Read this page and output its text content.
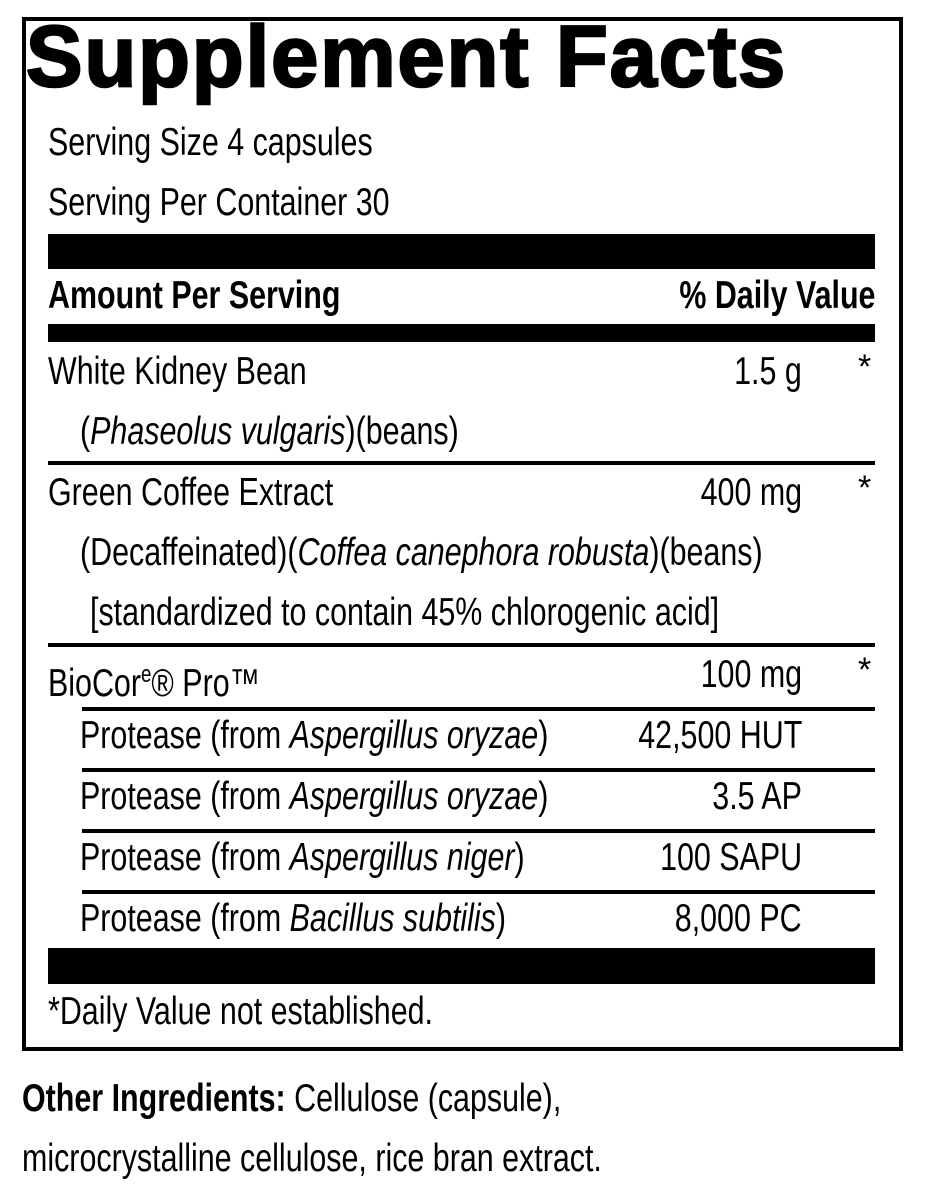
Supplement Facts
Serving Size 4 capsules
Serving Per Container 30
Amount Per Serving	% Daily Value
White Kidney Bean	1.5 g *
(Phaseolus vulgaris)(beans)
Green Coffee Extract	400 mg *
(Decaffeinated)(Coffea canephora robusta)(beans)
[standardized to contain 45% chlorogenic acid]
BioCor$^e$® Pro™	100 mg *
Protease (from Aspergillus oryzae)	42,500 HUT
Protease (from Aspergillus oryzae)	3.5 AP
Protease (from Aspergillus niger)	100 SAPU
Protease (from Bacillus subtilis)	8,000 PC
*Daily Value not established.
Other Ingredients: Cellulose (capsule),
microcrystalline cellulose, rice bran extract.
